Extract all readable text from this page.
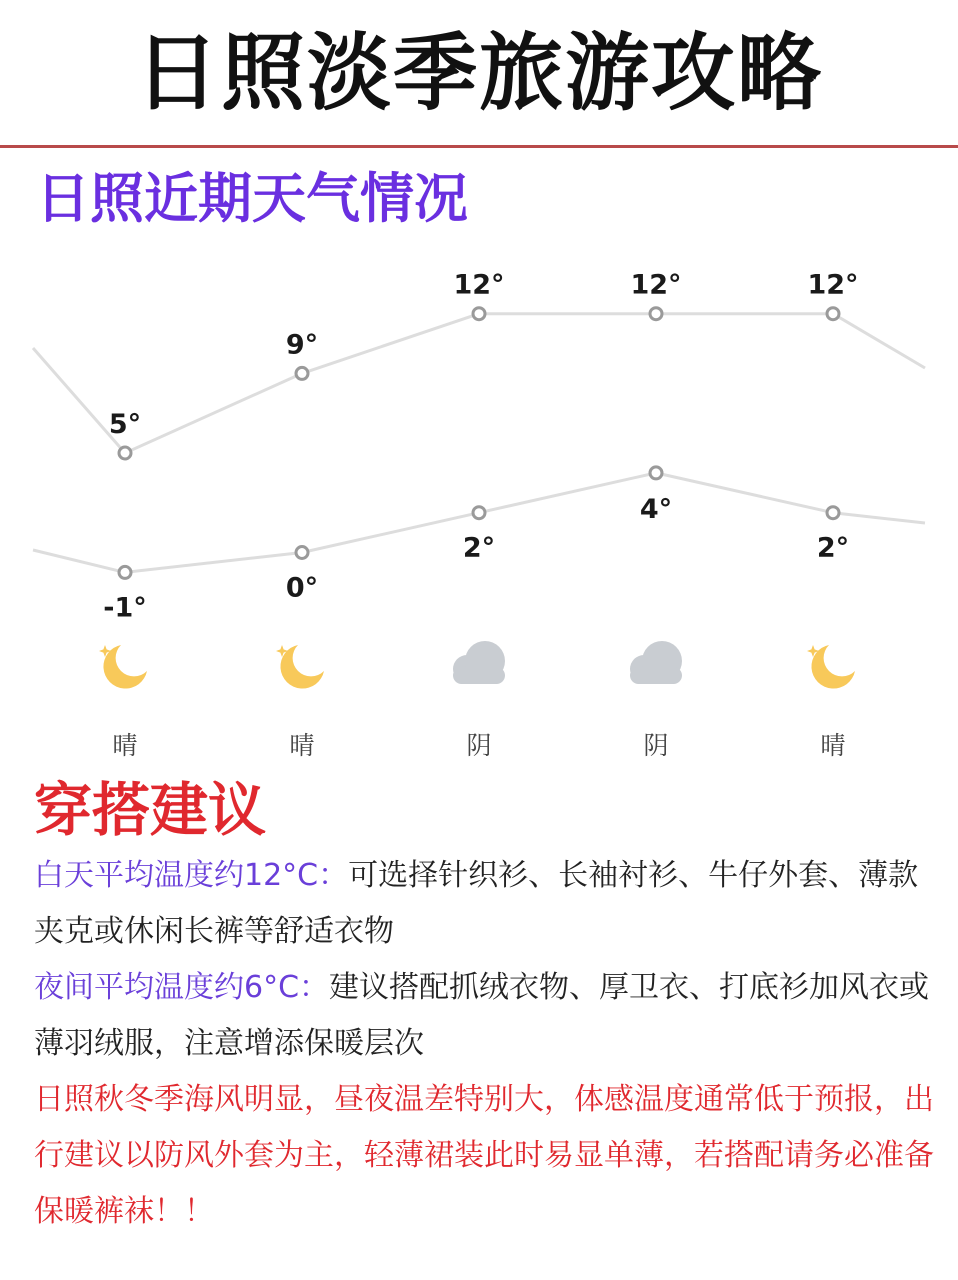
日照淡季旅游攻略
日照近期天气情况
5°
9°
12°	12°	12°
-1°
0°
2°
4°
2°
晴	晴	阴	阴	晴
穿搭建议

白天平均温度约12°C：可选择针织衫、长袖衬衫、牛仔外套、薄款夹克或休闲长裤等舒适衣物

夜间平均温度约6°C：建议搭配抓绒衣物、厚卫衣、打底衫加风衣或薄羽绒服，注意增添保暖层次

日照秋冬季海风明显，昼夜温差特别大，体感温度通常低于预报，出行建议以防风外套为主，轻薄裙装此时易显单薄，若搭配请务必准备保暖裤袜！！
